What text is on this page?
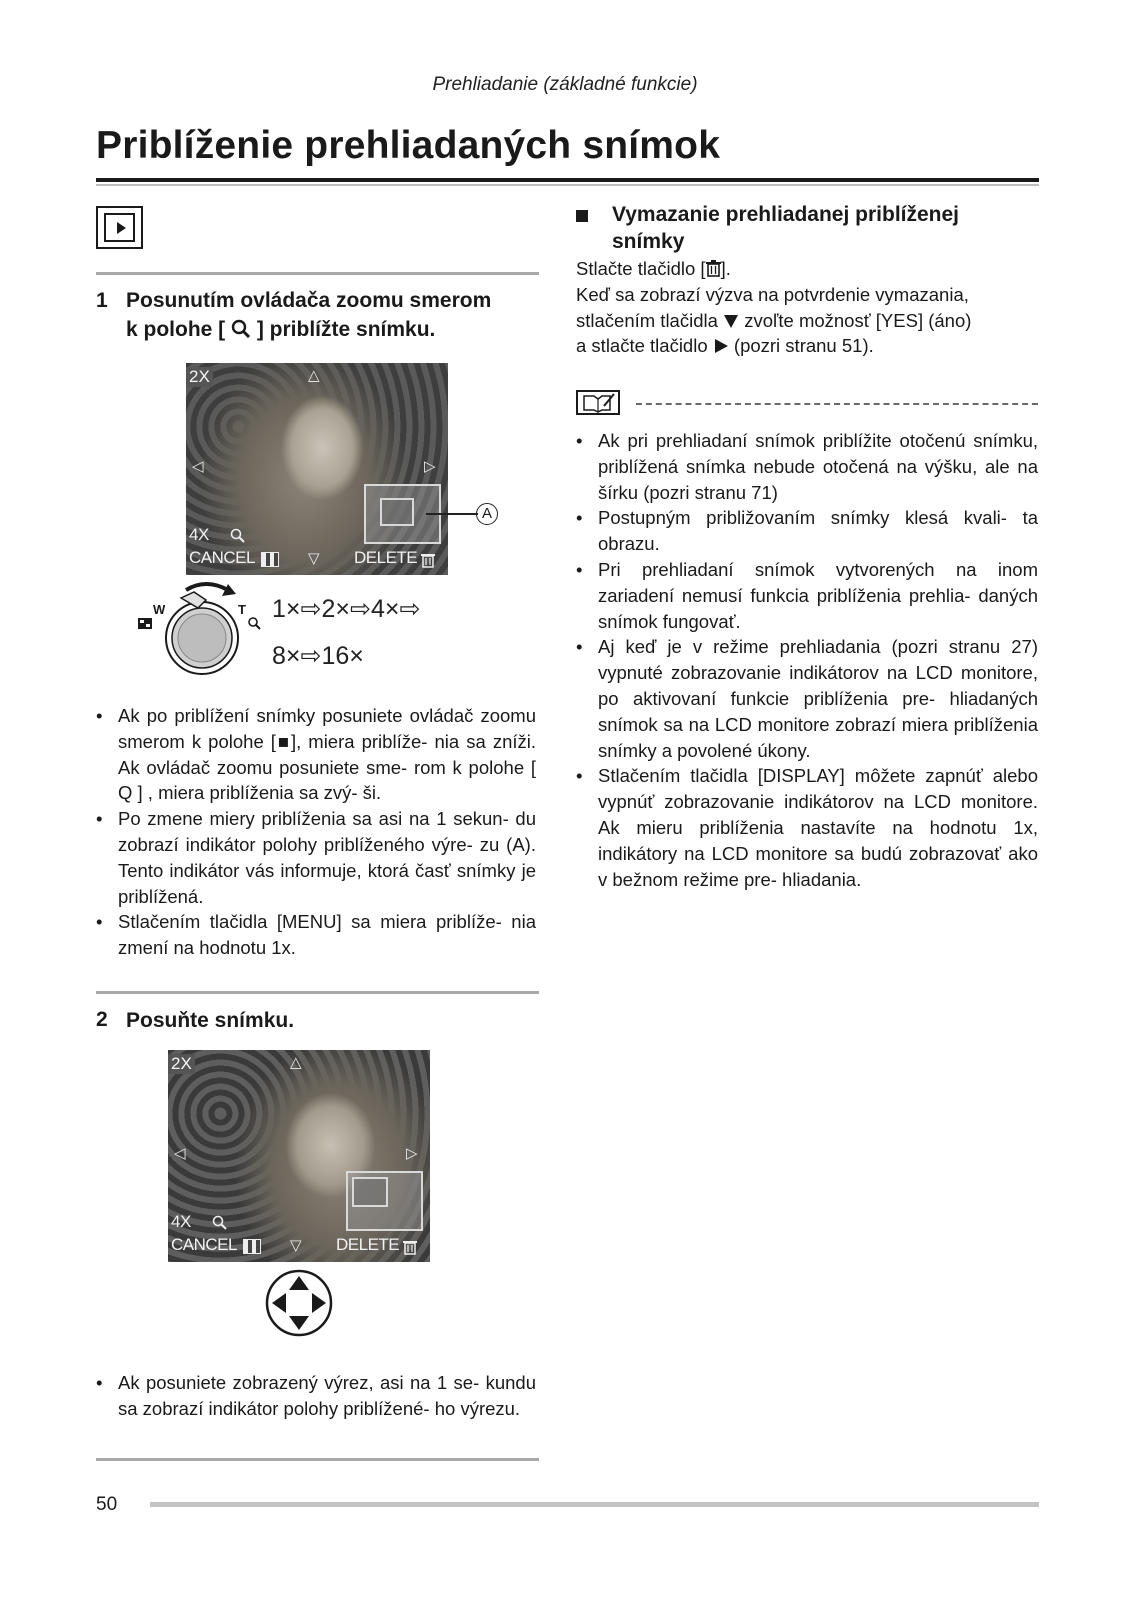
Prehliadanie (základné funkcie)
Priblíženie prehliadaných snímok
1 Posunutím ovládača zoomu smerom
k polohe [ ] priblížte snímku.
2X	△
◁	▷
4X
CANCEL	▽ DELETE
A
W	T 1×⇨2×⇨4×⇨
8×⇨16×
• Ak po priblížení snímky posuniete ovládač zoomu smerom k polohe [■], miera priblíže- nia sa zníži. Ak ovládač zoomu posuniete sme- rom k polohe [ Q ] , miera priblíženia sa zvý- ši.
• Po zmene miery priblíženia sa asi na 1 sekun- du zobrazí indikátor polohy priblíženého výre- zu (A). Tento indikátor vás informuje, ktorá časť snímky je priblížená.
• Stlačením tlačidla [MENU] sa miera priblíže- nia zmení na hodnotu 1x.
2 Posuňte snímku.
2X	△
◁	▷
4X
CANCEL	▽ DELETE
• Ak posuniete zobrazený výrez, asi na 1 se- kundu sa zobrazí indikátor polohy priblížené- ho výrezu.
Vymazanie prehliadanej priblíženej
snímky
Stlačte tlačidlo [ ].
Keď sa zobrazí výzva na potvrdenie vymazania,
stlačením tlačidla zvoľte možnosť [YES] (áno)
a stlačte tlačidlo (pozri stranu 51).
• Ak pri prehliadaní snímok priblížite otočenú snímku, priblížená snímka nebude otočená na výšku, ale na šírku (pozri stranu 71)
• Postupným približovaním snímky klesá kvali- ta obrazu.
• Pri prehliadaní snímok vytvorených na inom zariadení nemusí funkcia priblíženia prehlia- daných snímok fungovať.
• Aj keď je v režime prehliadania (pozri stranu 27) vypnuté zobrazovanie indikátorov na LCD monitore, po aktivovaní funkcie priblíženia pre- hliadaných snímok sa na LCD monitore zobrazí miera priblíženia snímky a povolené úkony.
• Stlačením tlačidla [DISPLAY] môžete zapnúť alebo vypnúť zobrazovanie indikátorov na LCD monitore. Ak mieru priblíženia nastavíte na hodnotu 1x, indikátory na LCD monitore sa budú zobrazovať ako v bežnom režime pre- hliadania.
50
